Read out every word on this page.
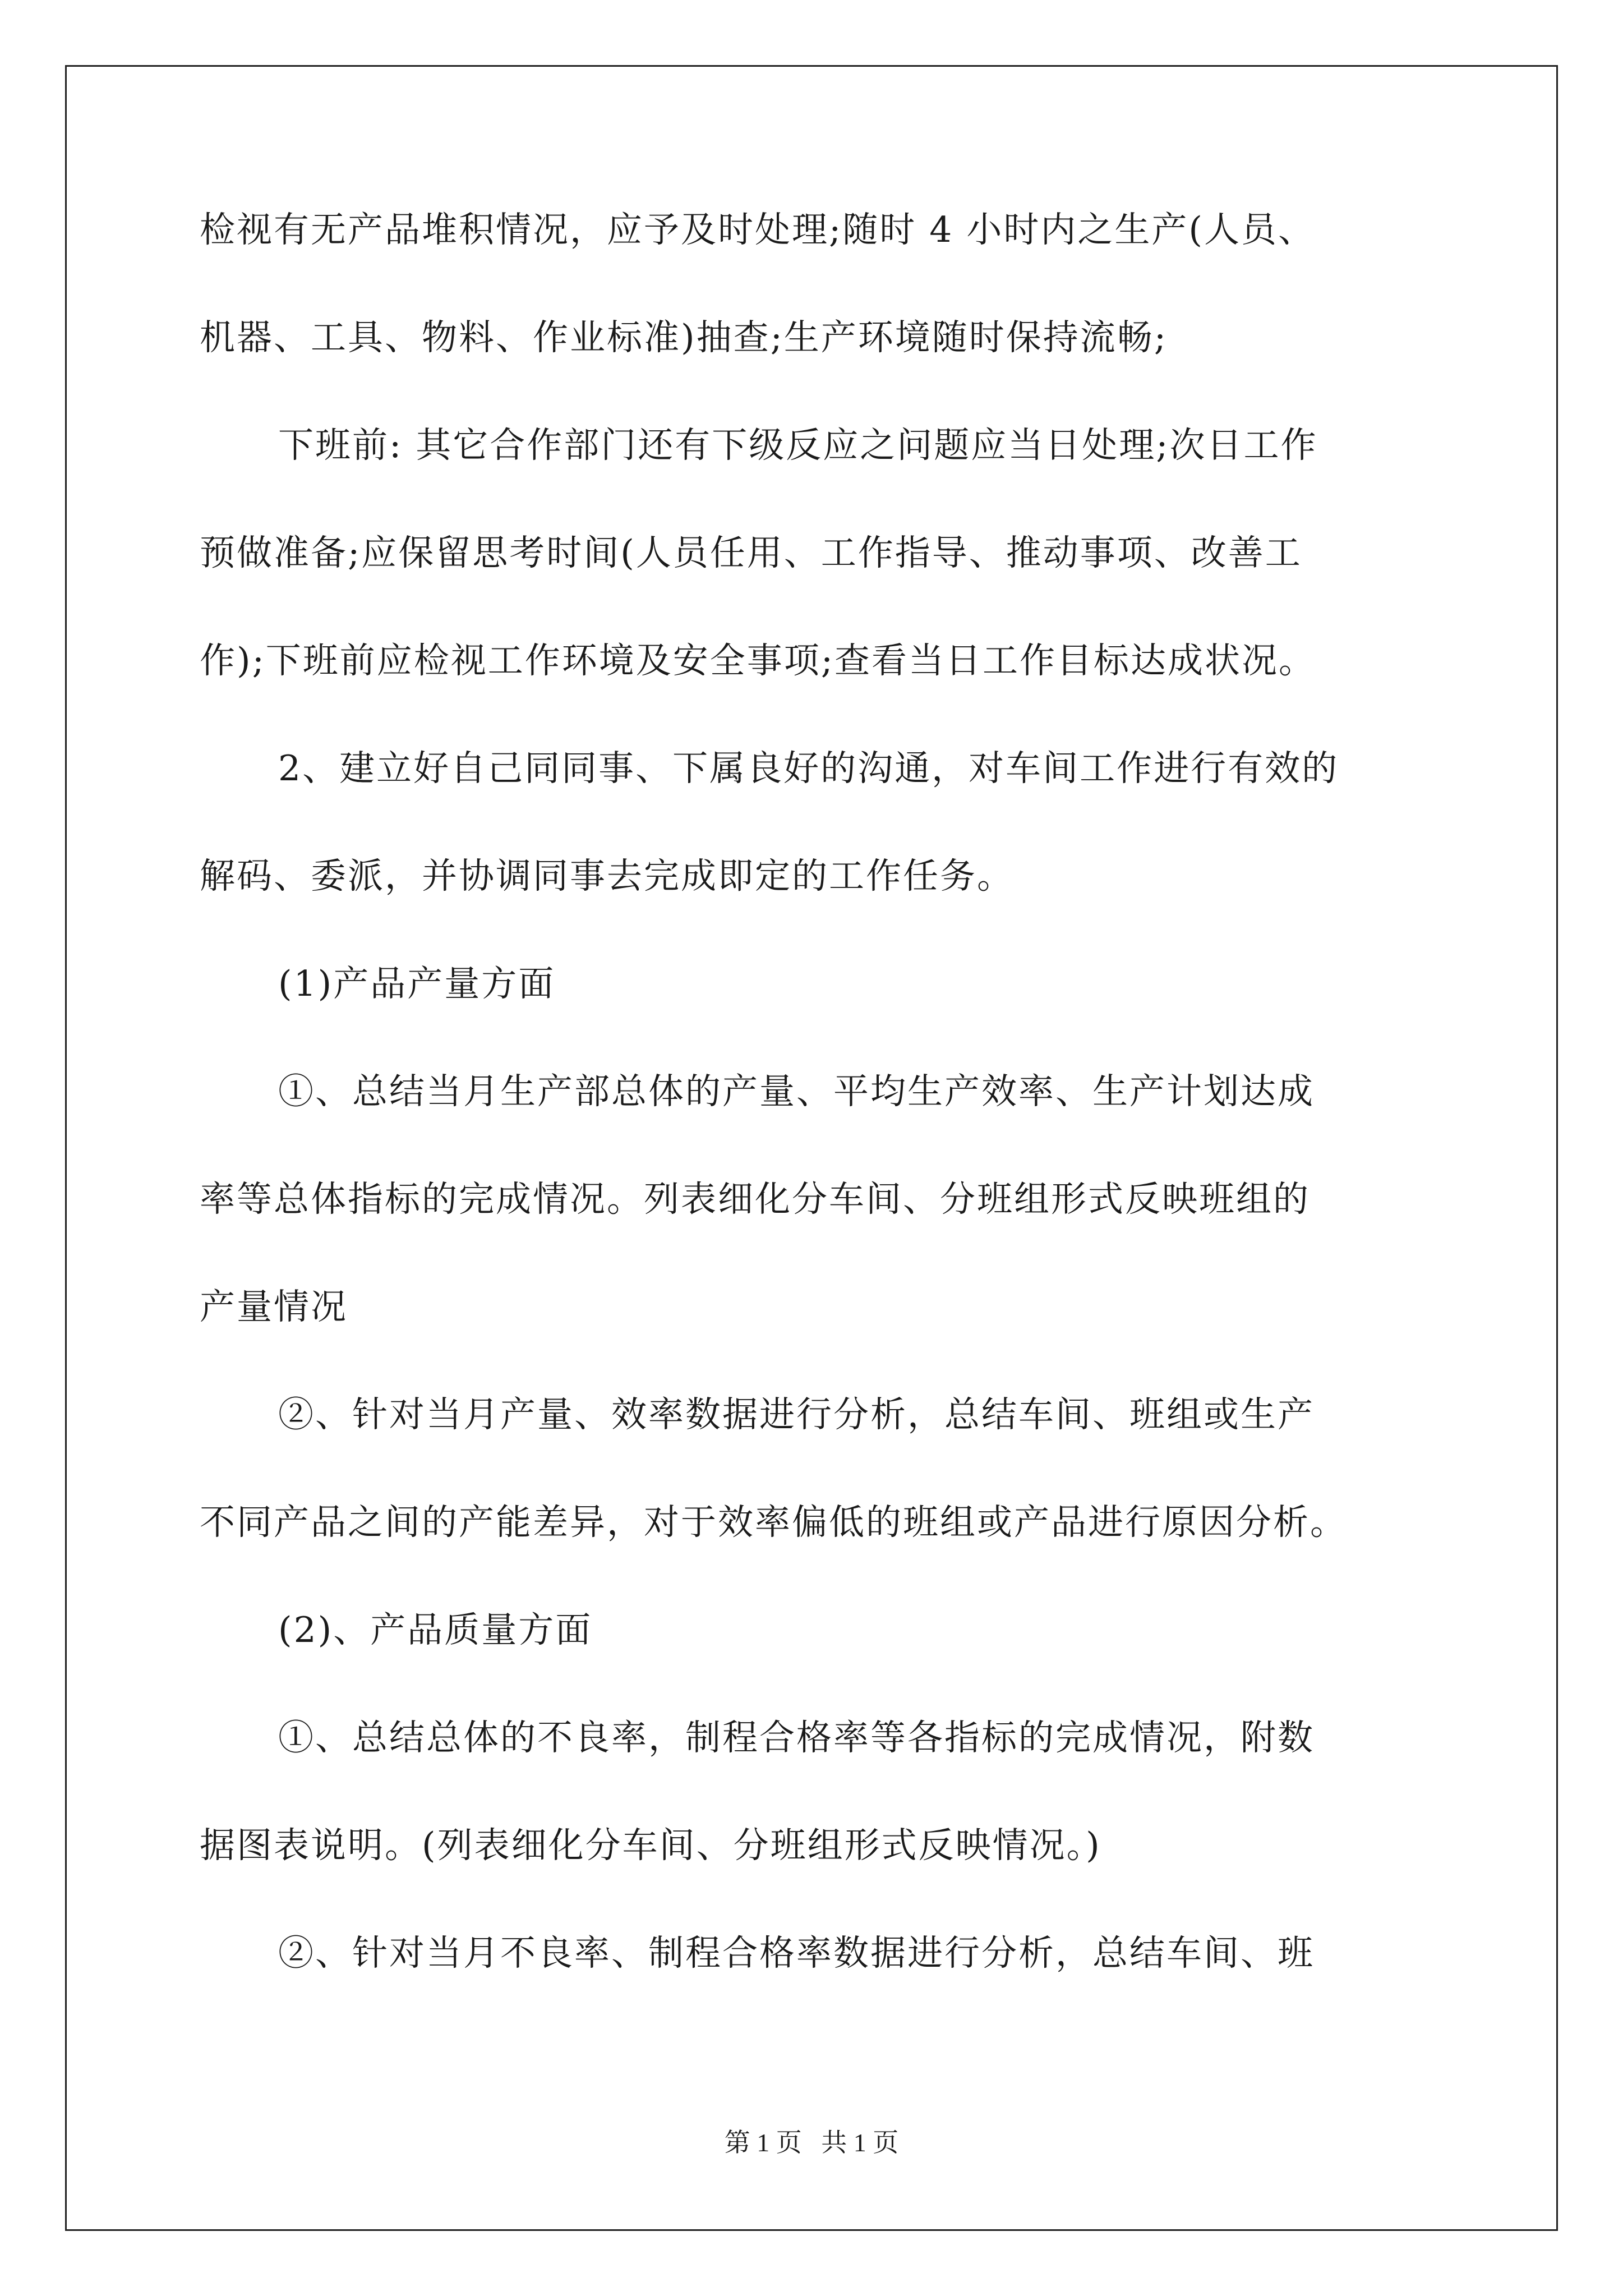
检视有无产品堆积情况，应予及时处理;随时 4 小时内之生产(人员、
机器、工具、物料、作业标准)抽查;生产环境随时保持流畅;
下班前: 其它合作部门还有下级反应之问题应当日处理;次日工作
预做准备;应保留思考时间(人员任用、工作指导、推动事项、改善工
作);下班前应检视工作环境及安全事项;查看当日工作目标达成状况。
2、建立好自己同同事、下属良好的沟通，对车间工作进行有效的
解码、委派，并协调同事去完成即定的工作任务。
(1)产品产量方面
①、总结当月生产部总体的产量、平均生产效率、生产计划达成
率等总体指标的完成情况。列表细化分车间、分班组形式反映班组的
产量情况
②、针对当月产量、效率数据进行分析，总结车间、班组或生产
不同产品之间的产能差异，对于效率偏低的班组或产品进行原因分析。
(2)、产品质量方面
①、总结总体的不良率，制程合格率等各指标的完成情况，附数
据图表说明。(列表细化分车间、分班组形式反映情况。)
②、针对当月不良率、制程合格率数据进行分析，总结车间、班
第 1 页   共 1 页
